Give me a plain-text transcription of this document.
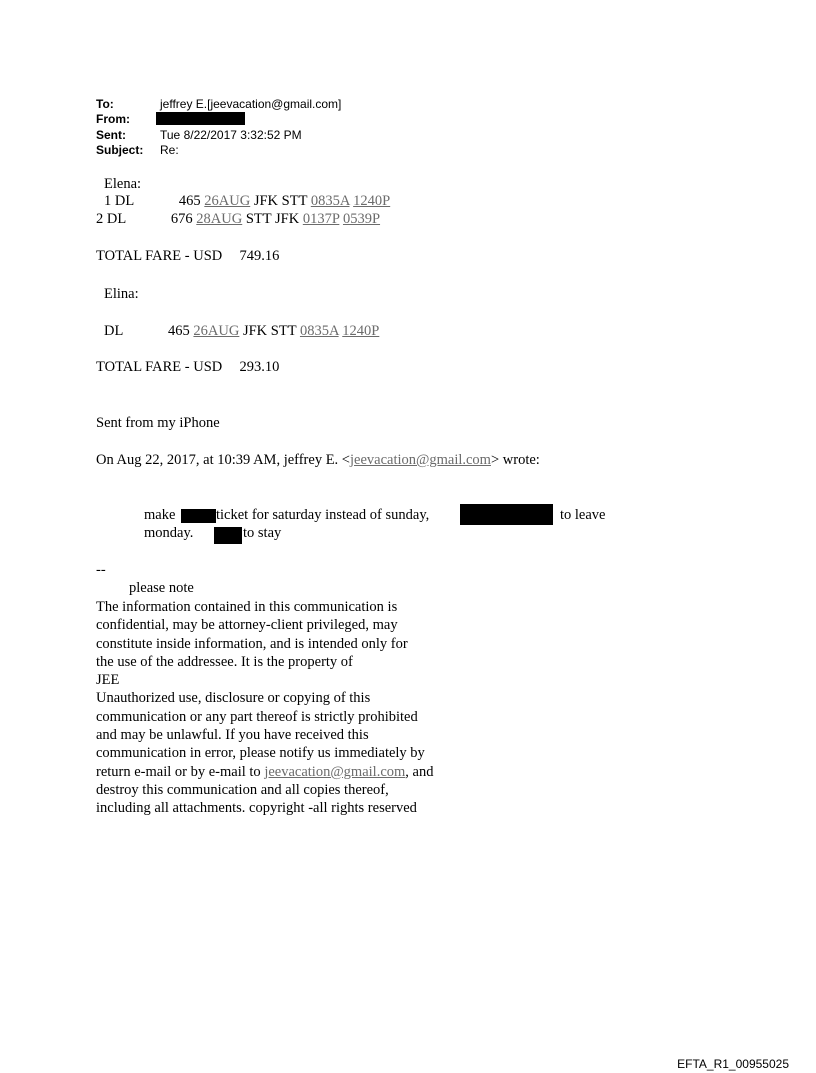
To:	jeffrey E.[jeevacation@gmail.com]
From:
Sent:	Tue 8/22/2017 3:32:52 PM
Subject: Re:
Elena:
1 DL	465 26AUG JFK STT 0835A 1240P
2 DL	676 28AUG STT JFK 0137P 0539P
TOTAL FARE - USD 749.16
Elina:
DL	465 26AUG JFK STT 0835A 1240P
TOTAL FARE - USD 293.10
Sent from my iPhone
On Aug 22, 2017, at 10:39 AM, jeffrey E. <jeevacation@gmail.com> wrote:
make	ticket for saturday instead of sunday,	to leave
monday.	to stay
--
please note
The information contained in this communication is
confidential, may be attorney-client privileged, may
constitute inside information, and is intended only for
the use of the addressee. It is the property of
JEE
Unauthorized use, disclosure or copying of this
communication or any part thereof is strictly prohibited
and may be unlawful. If you have received this
communication in error, please notify us immediately by
return e-mail or by e-mail to jeevacation@gmail.com, and
destroy this communication and all copies thereof,
including all attachments. copyright -all rights reserved
EFTA_R1_00955025
